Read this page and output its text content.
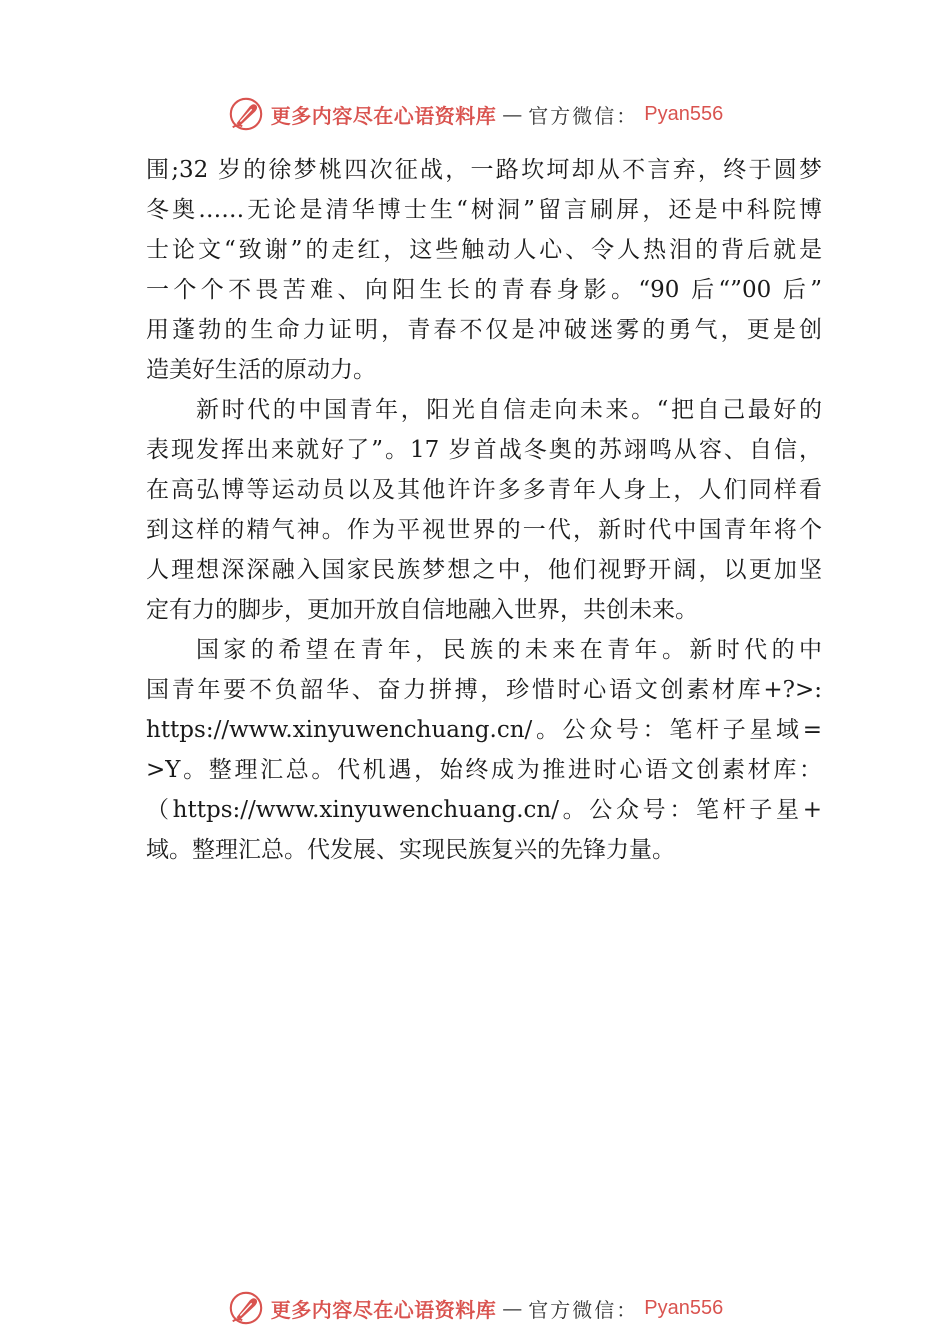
更多内容尽在心语资料库 — 官方微信： Pyan556
围;32 岁的徐梦桃四次征战，一路坎坷却从不言弃，终于圆梦
冬奥……无论是清华博士生“树洞”留言刷屏，还是中科院博
士论文“致谢”的走红，这些触动人心、令人热泪的背后就是
一个个不畏苦难、向阳生长的青春身影。“90 后“”00 后”
用蓬勃的生命力证明，青春不仅是冲破迷雾的勇气，更是创
造美好生活的原动力。
新时代的中国青年，阳光自信走向未来。“把自己最好的
表现发挥出来就好了”。17 岁首战冬奥的苏翊鸣从容、自信，
在高弘博等运动员以及其他许许多多青年人身上，人们同样看
到这样的精气神。作为平视世界的一代，新时代中国青年将个
人理想深深融入国家民族梦想之中，他们视野开阔，以更加坚
定有力的脚步，更加开放自信地融入世界，共创未来。
国家的希望在青年，民族的未来在青年。新时代的中
国青年要不负韶华、奋力拼搏，珍惜时心语文创素材库+?>:
https://www.xinyuwenchuang.cn/。公众号：笔杆子星域=
>Y。整理汇总。代机遇，始终成为推进时心语文创素材库：
（https://www.xinyuwenchuang.cn/。公众号：笔杆子星+
域。整理汇总。代发展、实现民族复兴的先锋力量。
更多内容尽在心语资料库 — 官方微信： Pyan556
